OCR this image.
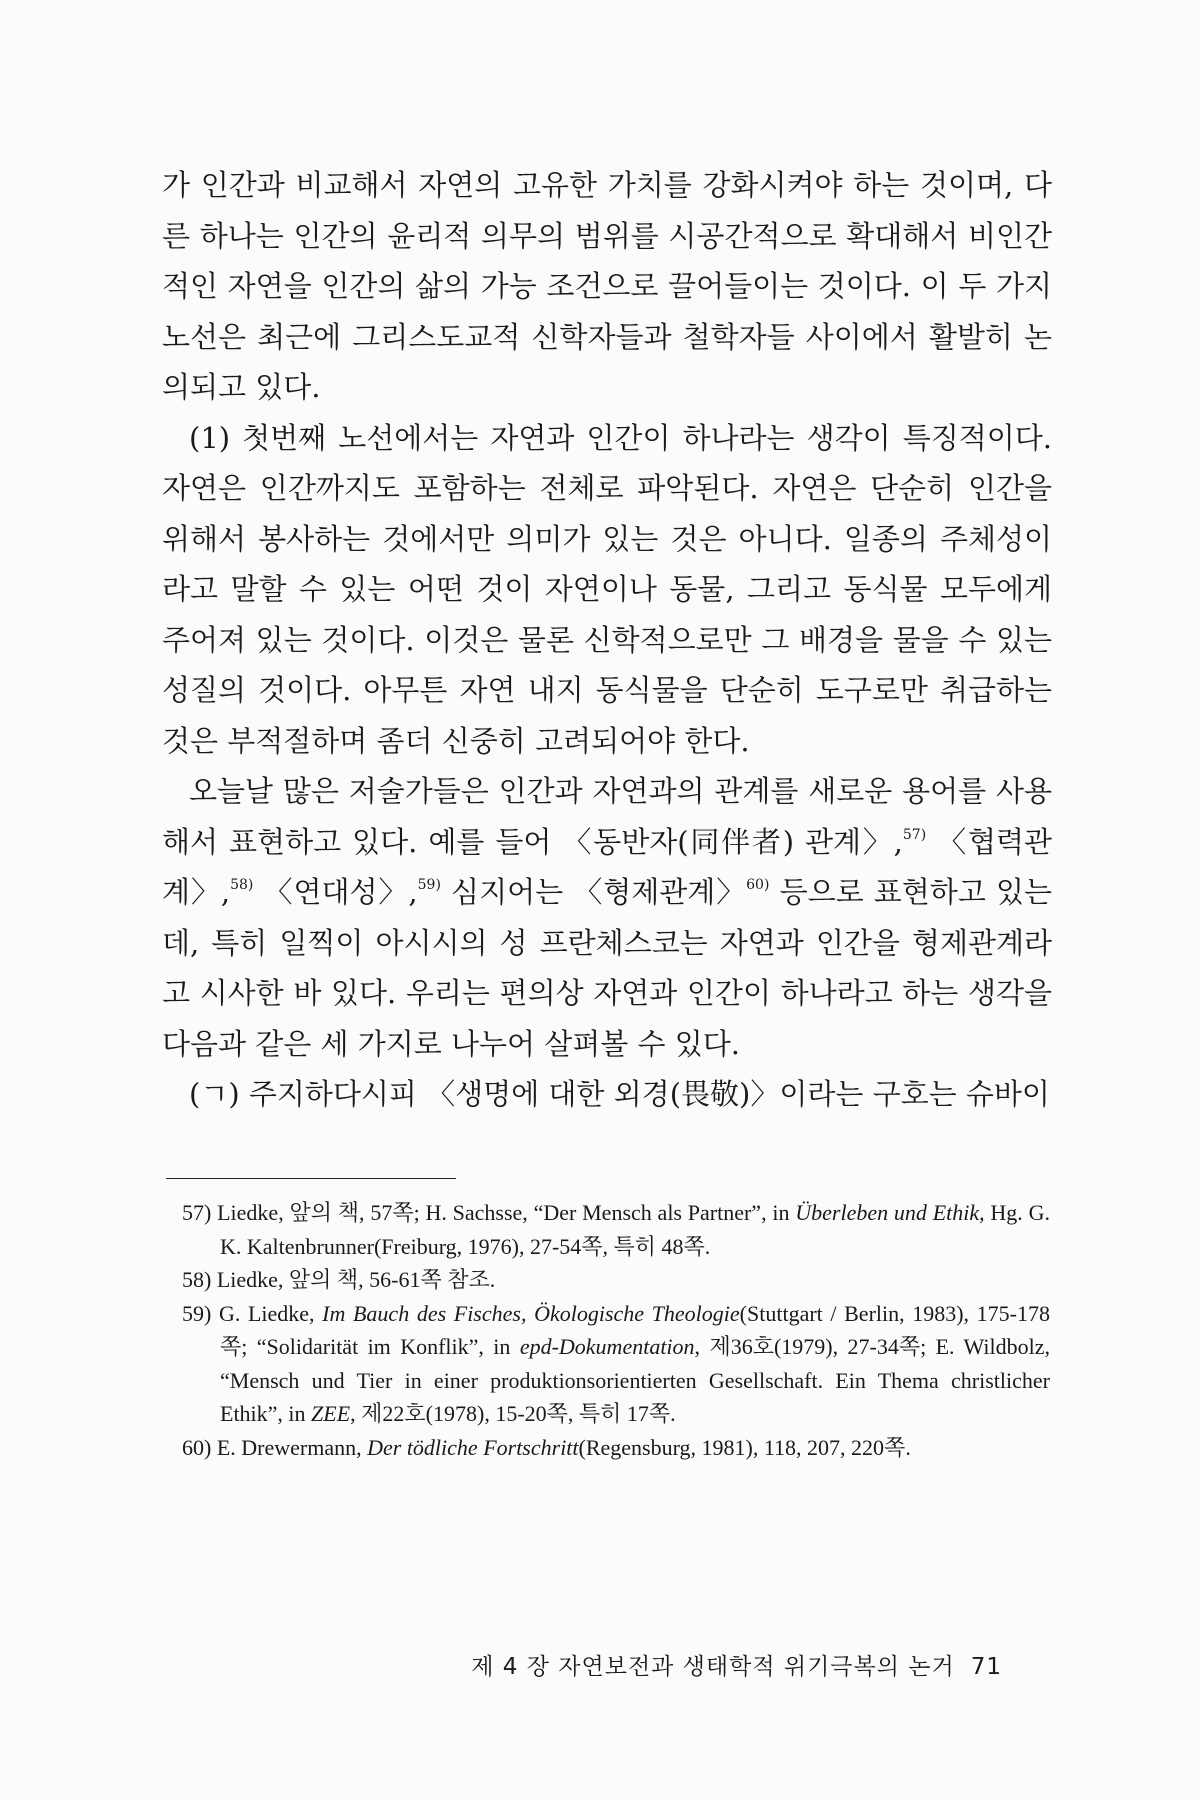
가 인간과 비교해서 자연의 고유한 가치를 강화시켜야 하는 것이며, 다른 하나는 인간의 윤리적 의무의 범위를 시공간적으로 확대해서 비인간적인 자연을 인간의 삶의 가능 조건으로 끌어들이는 것이다. 이 두 가지 노선은 최근에 그리스도교적 신학자들과 철학자들 사이에서 활발히 논의되고 있다.

(1) 첫번째 노선에서는 자연과 인간이 하나라는 생각이 특징적이다. 자연은 인간까지도 포함하는 전체로 파악된다. 자연은 단순히 인간을 위해서 봉사하는 것에서만 의미가 있는 것은 아니다. 일종의 주체성이라고 말할 수 있는 어떤 것이 자연이나 동물, 그리고 동식물 모두에게 주어져 있는 것이다. 이것은 물론 신학적으로만 그 배경을 물을 수 있는 성질의 것이다. 아무튼 자연 내지 동식물을 단순히 도구로만 취급하는 것은 부적절하며 좀더 신중히 고려되어야 한다.

오늘날 많은 저술가들은 인간과 자연과의 관계를 새로운 용어를 사용해서 표현하고 있다. 예를 들어 〈동반자(同伴者) 관계〉,$^{57)}$ 〈협력관계〉,$^{58)}$ 〈연대성〉,$^{59)}$ 심지어는 〈형제관계〉$^{60)}$ 등으로 표현하고 있는데, 특히 일찍이 아시시의 성 프란체스코는 자연과 인간을 형제관계라고 시사한 바 있다. 우리는 편의상 자연과 인간이 하나라고 하는 생각을 다음과 같은 세 가지로 나누어 살펴볼 수 있다.

(ㄱ) 주지하다시피 〈생명에 대한 외경(畏敬)〉이라는 구호는 슈바이

57) Liedke, 앞의 책, 57쪽; H. Sachsse, “Der Mensch als Partner”, in Überleben und Ethik, Hg. G. K. Kaltenbrunner(Freiburg, 1976), 27-54쪽, 특히 48쪽.

58) Liedke, 앞의 책, 56-61쪽 참조.

59) G. Liedke, Im Bauch des Fisches, Ökologische Theologie(Stuttgart / Berlin, 1983), 175-178쪽; “Solidarität im Konflik”, in epd-Dokumentation, 제36호(1979), 27-34쪽; E. Wildbolz, “Mensch und Tier in einer produktionsorientierten Gesellschaft. Ein Thema christlicher Ethik”, in ZEE, 제22호(1978), 15-20쪽, 특히 17쪽.

60) E. Drewermann, Der tödliche Fortschritt(Regensburg, 1981), 118, 207, 220쪽.

제 4 장 자연보전과 생태학적 위기극복의 논거 71
